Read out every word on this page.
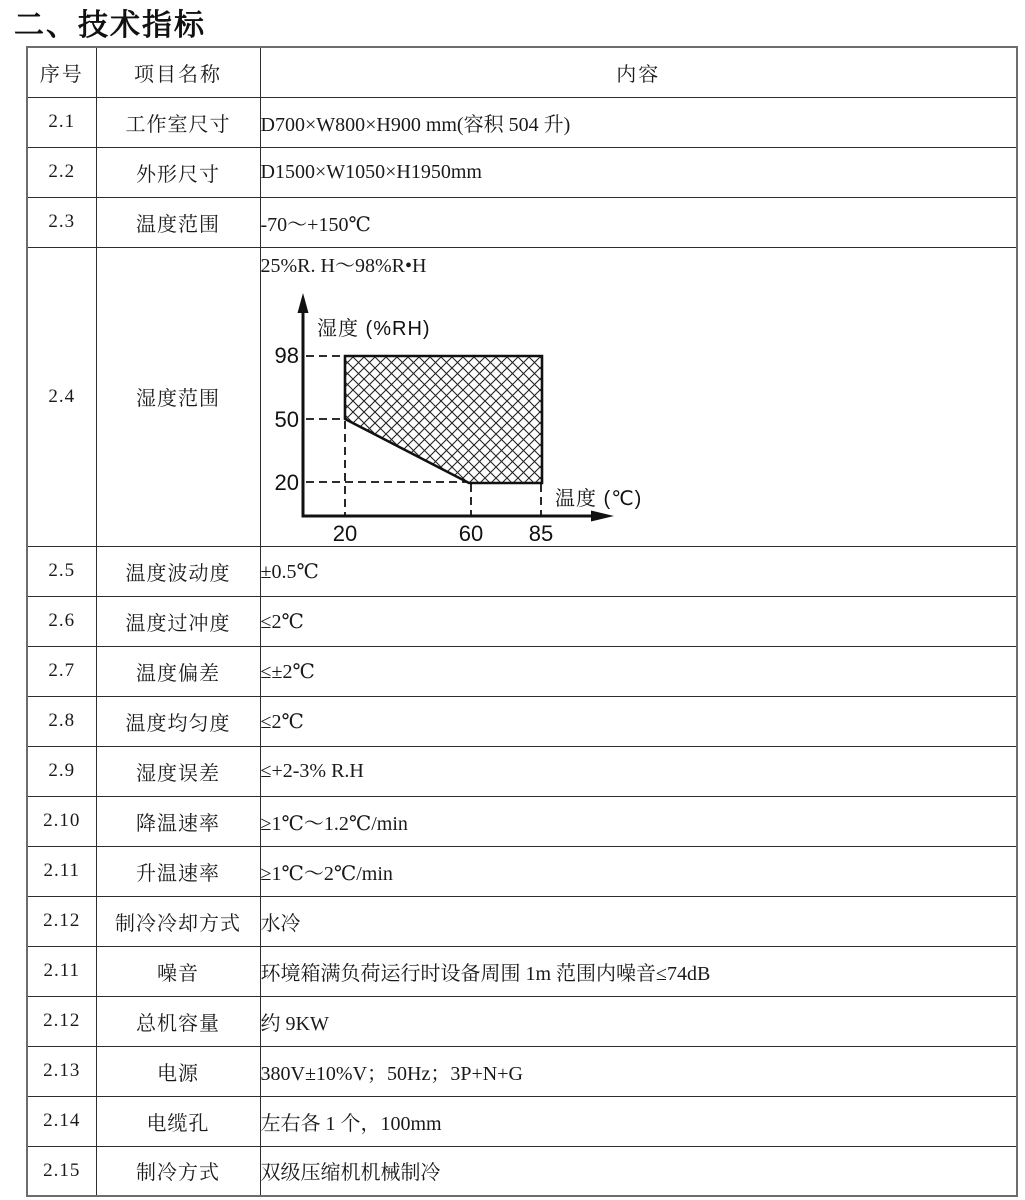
二、技术指标
序号	项目名称	内容
2.1	工作室尺寸	D700×W800×H900 mm(容积 504 升)
2.2	外形尺寸	D1500×W1050×H1950mm
2.3	温度范围	-70～+150℃
2.4	湿度范围	
25%R. H～98%R•H
湿度 (%RH)
温度 (℃)
98
50
20
20	60 85

2.5	温度波动度	±0.5℃
2.6	温度过冲度	≤2℃
2.7	温度偏差	≤±2℃
2.8	温度均匀度	≤2℃
2.9	湿度误差	≤+2-3% R.H
2.10	降温速率	≥1℃～1.2℃/min
2.11	升温速率	≥1℃～2℃/min
2.12	制冷冷却方式	水冷
2.11	噪音	环境箱满负荷运行时设备周围 1m 范围内噪音≤74dB
2.12	总机容量	约 9KW
2.13	电源	380V±10%V；50Hz；3P+N+G
2.14	电缆孔	左右各 1 个，100mm
2.15	制冷方式	双级压缩机机械制冷
